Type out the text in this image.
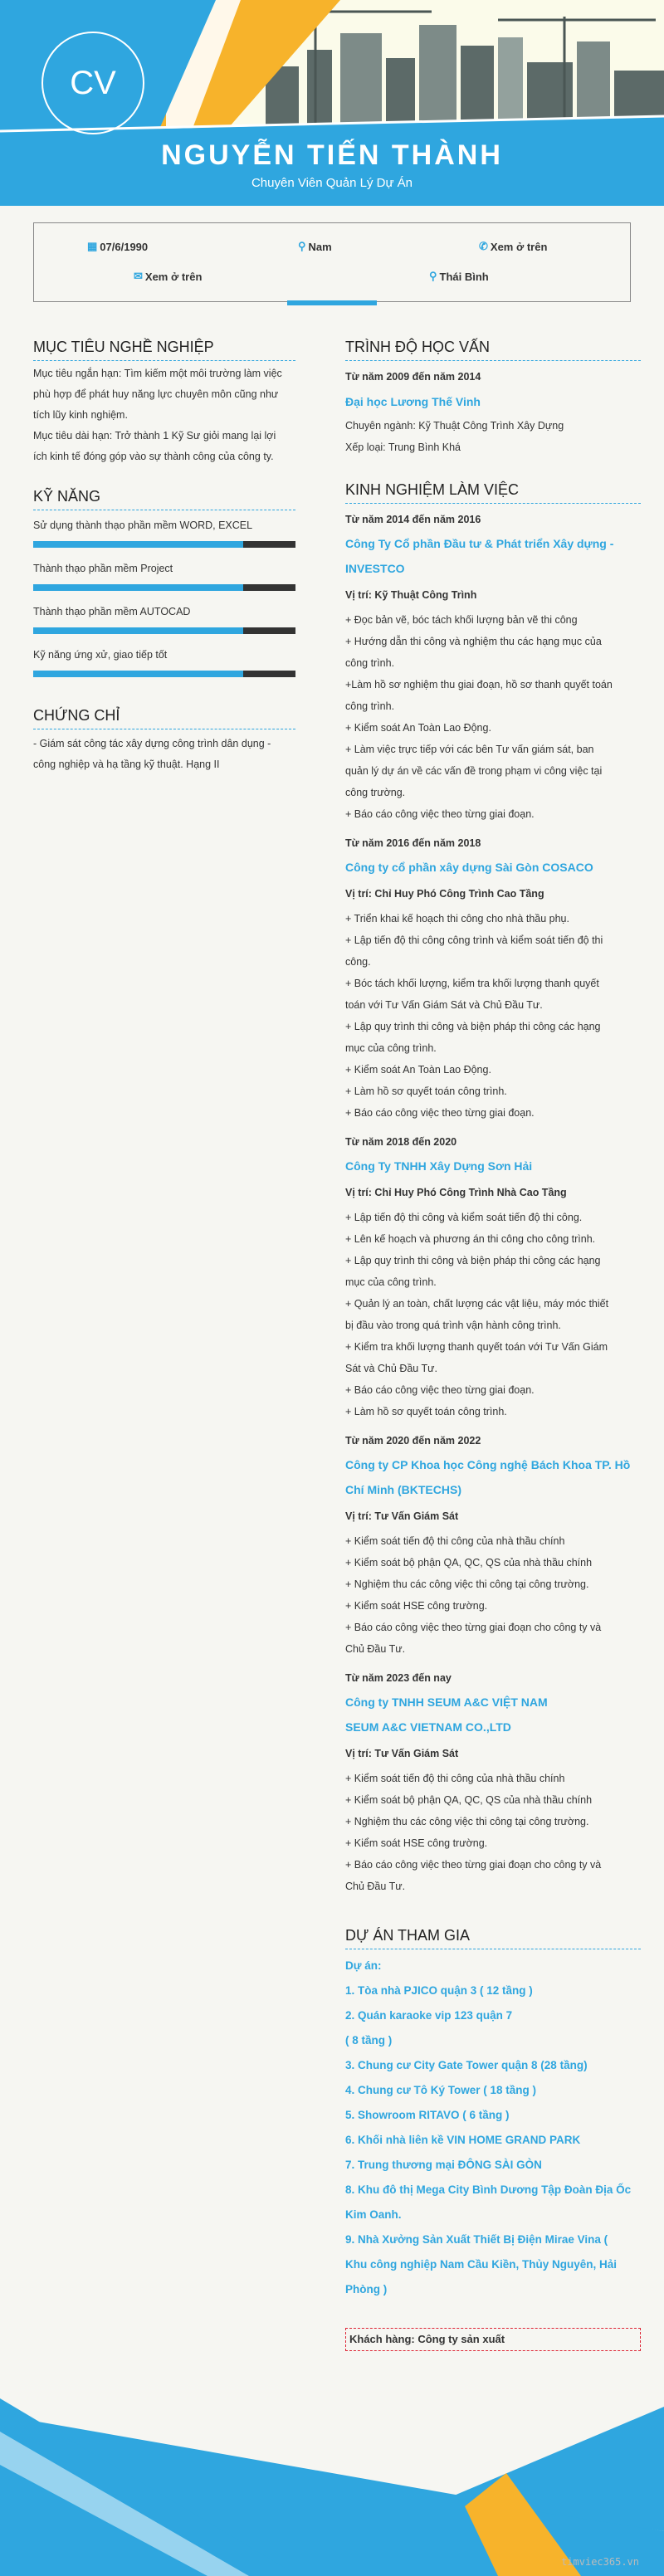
CV
NGUYỄN TIẾN THÀNH
Chuyên Viên Quản Lý Dự Án
▦ 07/6/1990	⚲ Nam	✆ Xem ở trên
✉ Xem ở trên	⚲ Thái Bình
MỤC TIÊU NGHỀ NGHIỆP
Mục tiêu ngắn hạn: Tìm kiếm một môi trường làm việc
phù hợp để phát huy năng lực chuyên môn cũng như
tích lũy kinh nghiệm.
Mục tiêu dài hạn: Trở thành 1 Kỹ Sư giỏi mang lại lợi
ích kinh tế đóng góp vào sự thành công của công ty.
KỸ NĂNG
Sử dụng thành thạo phần mềm WORD, EXCEL
Thành thạo phần mềm Project
Thành thạo phần mềm AUTOCAD
Kỹ năng ứng xử, giao tiếp tốt
CHỨNG CHỈ
- Giám sát công tác xây dựng công trình dân dụng -
công nghiệp và hạ tầng kỹ thuật. Hạng II
TRÌNH ĐỘ HỌC VẤN
Từ năm 2009 đến năm 2014
Đại học Lương Thế Vinh
Chuyên ngành: Kỹ Thuật Công Trình Xây Dựng
Xếp loại: Trung Bình Khá
KINH NGHIỆM LÀM VIỆC
Từ năm 2014 đến năm 2016
Công Ty Cổ phần Đầu tư & Phát triển Xây dựng -
INVESTCO
Vị trí: Kỹ Thuật Công Trình
+ Đọc bản vẽ, bóc tách khối lượng bản vẽ thi công
+ Hướng dẫn thi công và nghiệm thu các hạng mục của
công trình.
+Làm hồ sơ nghiệm thu giai đoạn, hồ sơ thanh quyết toán
công trình.
+ Kiểm soát An Toàn Lao Động.
+ Làm việc trực tiếp với các bên Tư vấn giám sát, ban
quản lý dự án về các vấn đề trong phạm vi công việc tại
công trường.
+ Báo cáo công việc theo từng giai đoạn.
Từ năm 2016 đến năm 2018
Công ty cổ phần xây dựng Sài Gòn COSACO
Vị trí: Chỉ Huy Phó Công Trình Cao Tầng
+ Triển khai kế hoạch thi công cho nhà thầu phụ.
+ Lập tiến độ thi công công trình và kiểm soát tiến độ thi
công.
+ Bóc tách khối lượng, kiểm tra khối lượng thanh quyết
toán với Tư Vấn Giám Sát và Chủ Đầu Tư.
+ Lập quy trình thi công và biện pháp thi công các hạng
mục của công trình.
+ Kiểm soát An Toàn Lao Động.
+ Làm hồ sơ quyết toán công trình.
+ Báo cáo công việc theo từng giai đoạn.
Từ năm 2018 đến 2020
Công Ty TNHH Xây Dựng Sơn Hải
Vị trí: Chỉ Huy Phó Công Trình Nhà Cao Tầng
+ Lập tiến độ thi công và kiểm soát tiến độ thi công.
+ Lên kế hoạch và phương án thi công cho công trình.
+ Lập quy trình thi công và biện pháp thi công các hạng
mục của công trình.
+ Quản lý an toàn, chất lượng các vật liệu, máy móc thiết
bị đầu vào trong quá trình vận hành công trình.
+ Kiểm tra khối lượng thanh quyết toán với Tư Vấn Giám
Sát và Chủ Đầu Tư.
+ Báo cáo công việc theo từng giai đoạn.
+ Làm hồ sơ quyết toán công trình.
Từ năm 2020 đến năm 2022
Công ty CP Khoa học Công nghệ Bách Khoa TP. Hồ
Chí Minh (BKTECHS)
Vị trí: Tư Vấn Giám Sát
+ Kiểm soát tiến độ thi công của nhà thầu chính
+ Kiểm soát bộ phận QA, QC, QS của nhà thầu chính
+ Nghiệm thu các công việc thi công tại công trường.
+ Kiểm soát HSE công trường.
+ Báo cáo công việc theo từng giai đoạn cho công ty và
Chủ Đầu Tư.
Từ năm 2023 đến nay
Công ty TNHH SEUM A&C VIỆT NAM
SEUM A&C VIETNAM CO.,LTD
Vị trí: Tư Vấn Giám Sát
+ Kiểm soát tiến độ thi công của nhà thầu chính
+ Kiểm soát bộ phận QA, QC, QS của nhà thầu chính
+ Nghiệm thu các công việc thi công tại công trường.
+ Kiểm soát HSE công trường.
+ Báo cáo công việc theo từng giai đoạn cho công ty và
Chủ Đầu Tư.
DỰ ÁN THAM GIA
Dự án:
1. Tòa nhà PJICO quận 3 ( 12 tầng )
2. Quán karaoke vip 123 quận 7
( 8 tầng )
3. Chung cư City Gate Tower quận 8 (28 tầng)
4. Chung cư Tô Ký Tower ( 18 tầng )
5. Showroom RITAVO ( 6 tầng )
6. Khối nhà liên kề VIN HOME GRAND PARK
7. Trung thương mại ĐÔNG SÀI GÒN
8. Khu đô thị Mega City Bình Dương Tập Đoàn Địa Ốc
Kim Oanh.
9. Nhà Xưởng Sản Xuất Thiết Bị Điện Mirae Vina (
Khu công nghiệp Nam Cầu Kiền, Thủy Nguyên, Hải
Phòng )
Khách hàng: Công ty sản xuất
timviec365.vn
